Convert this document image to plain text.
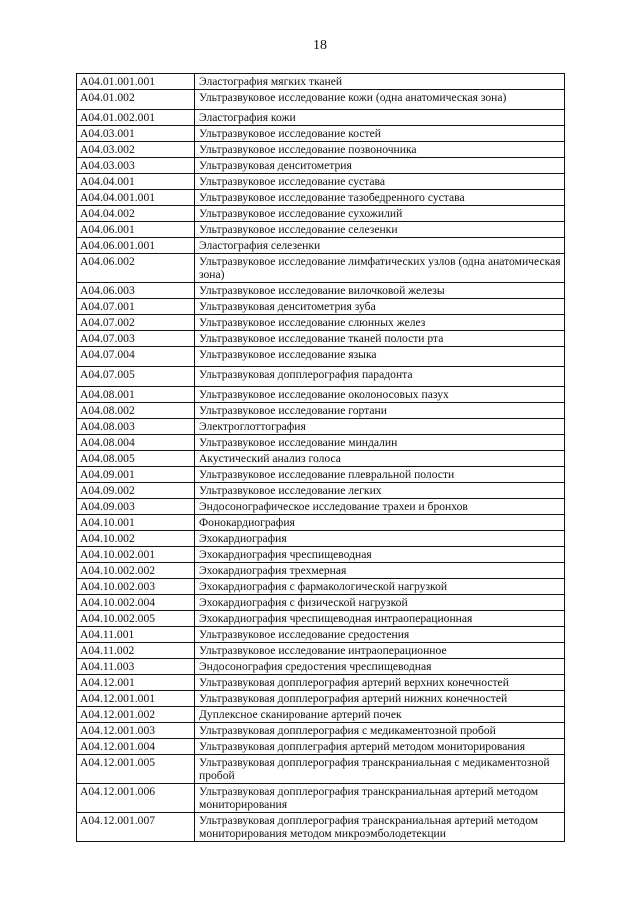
18
A04.01.001.001	Эластография мягких тканей
A04.01.002	Ультразвуковое исследование кожи (одна анатомическая зона)
A04.01.002.001	Эластография кожи
A04.03.001	Ультразвуковое исследование костей
A04.03.002	Ультразвуковое исследование позвоночника
A04.03.003	Ультразвуковая денситометрия
A04.04.001	Ультразвуковое исследование сустава
A04.04.001.001	Ультразвуковое исследование тазобедренного сустава
A04.04.002	Ультразвуковое исследование сухожилий
A04.06.001	Ультразвуковое исследование селезенки
A04.06.001.001	Эластография селезенки
A04.06.002	Ультразвуковое исследование лимфатических узлов (одна анатомическая зона)
A04.06.003	Ультразвуковое исследование вилочковой железы
A04.07.001	Ультразвуковая денситометрия зуба
A04.07.002	Ультразвуковое исследование слюнных желез
A04.07.003	Ультразвуковое исследование тканей полости рта
A04.07.004	Ультразвуковое исследование языка
A04.07.005	Ультразвуковая допплерография парадонта
A04.08.001	Ультразвуковое исследование околоносовых пазух
A04.08.002	Ультразвуковое исследование гортани
A04.08.003	Электроглоттография
A04.08.004	Ультразвуковое исследование миндалин
A04.08.005	Акустический анализ голоса
A04.09.001	Ультразвуковое исследование плевральной полости
A04.09.002	Ультразвуковое исследование легких
A04.09.003	Эндосонографическое исследование трахеи и бронхов
A04.10.001	Фонокардиография
A04.10.002	Эхокардиография
A04.10.002.001	Эхокардиография чреспищеводная
A04.10.002.002	Эхокардиография трехмерная
A04.10.002.003	Эхокардиография с фармакологической нагрузкой
A04.10.002.004	Эхокардиография с физической нагрузкой
A04.10.002.005	Эхокардиография чреспищеводная интраоперационная
A04.11.001	Ультразвуковое исследование средостения
A04.11.002	Ультразвуковое исследование интраоперационное
A04.11.003	Эндосонография средостения чреспищеводная
A04.12.001	Ультразвуковая допплерография артерий верхних конечностей
A04.12.001.001	Ультразвуковая допплерография артерий нижних конечностей
A04.12.001.002	Дуплексное сканирование артерий почек
A04.12.001.003	Ультразвуковая допплерография с медикаментозной пробой
A04.12.001.004	Ультразвуковая допплеграфия артерий методом мониторирования
A04.12.001.005	Ультразвуковая допплерография транскраниальная с медикаментозной пробой
A04.12.001.006	Ультразвуковая допплерография транскраниальная артерий методом мониторирования
A04.12.001.007	Ультразвуковая допплерография транскраниальная артерий методом мониторирования методом микроэмболодетекции
